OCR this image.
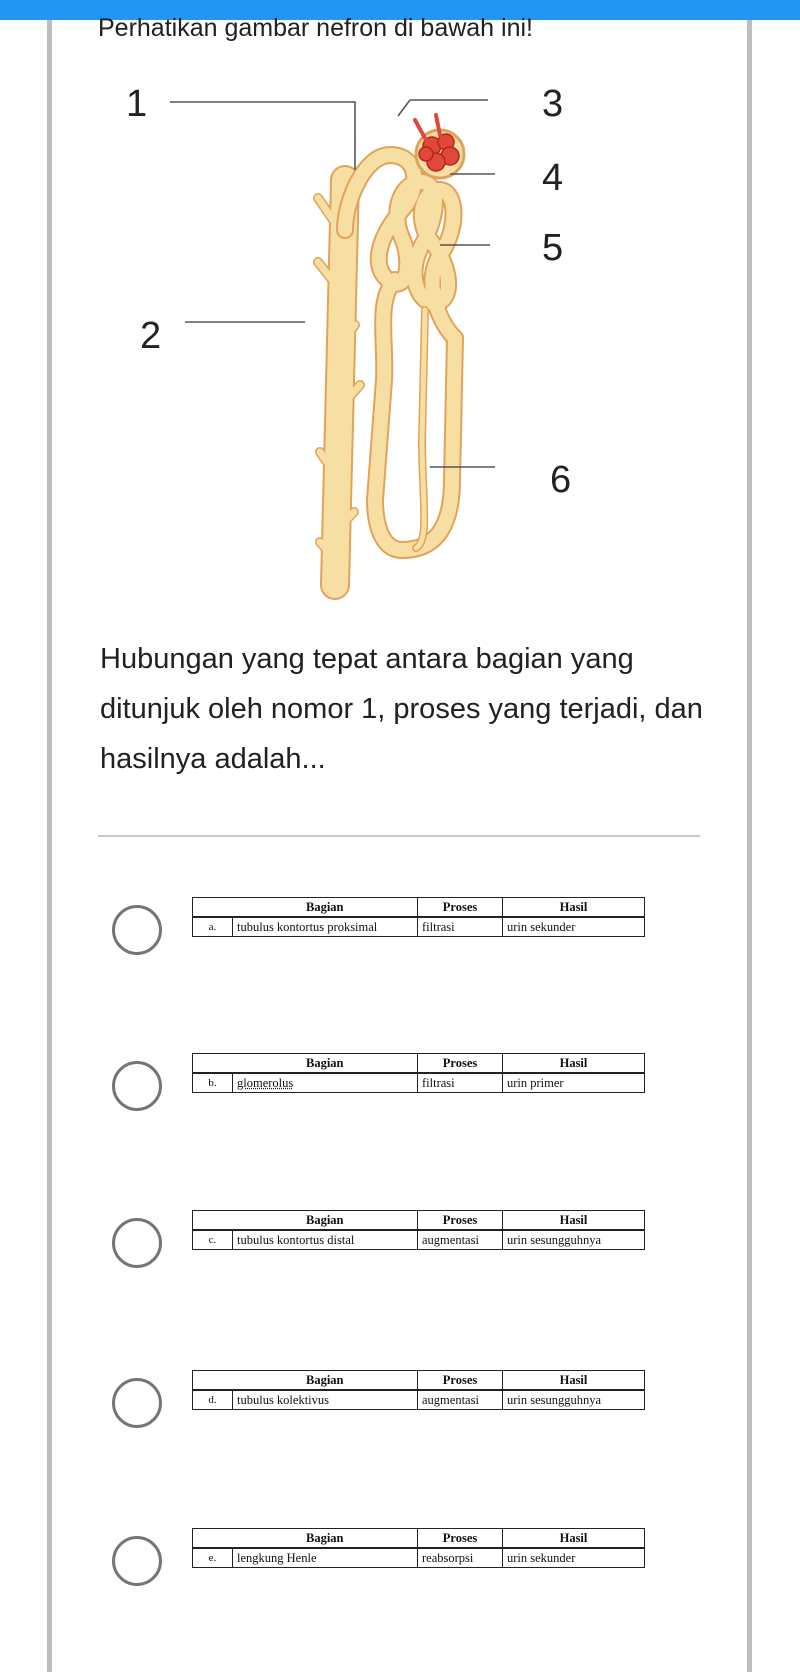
Perhatikan gambar nefron di bawah ini!

1
2
3
4
5
6

Hubungan yang tepat antara bagian yang ditunjuk oleh nomor 1, proses yang terjadi, dan hasilnya adalah...

	Bagian	Proses	Hasil
a.	tubulus kontortus proksimal	filtrasi	urin sekunder
	Bagian	Proses	Hasil
b.	glomerolus	filtrasi	urin primer
	Bagian	Proses	Hasil
c.	tubulus kontortus distal	augmentasi	urin sesungguhnya
	Bagian	Proses	Hasil
d.	tubulus kolektivus	augmentasi	urin sesungguhnya
	Bagian	Proses	Hasil
e.	lengkung Henle	reabsorpsi	urin sekunder
